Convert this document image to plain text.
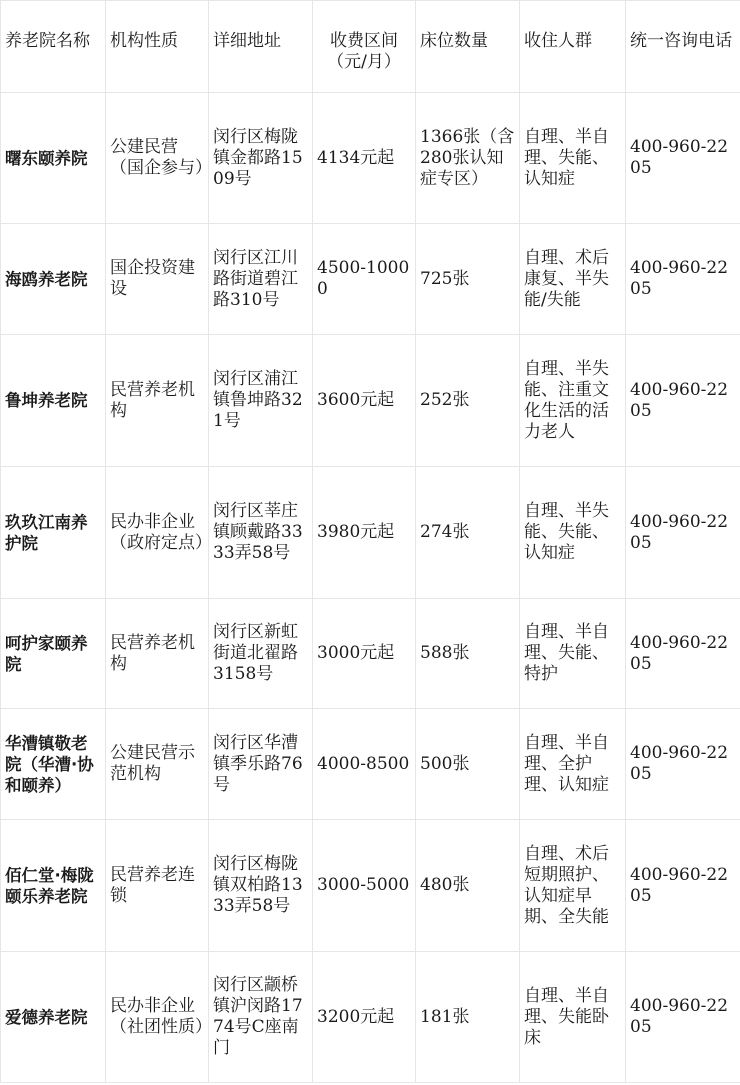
养老院名称	机构性质	详细地址	收费区间（元/月）	床位数量	收住人群	统一咨询电话
曙东颐养院	公建民营（国企参与）	闵行区梅陇镇金都路1509号	4134元起	1366张（含280张认知症专区）	自理、半自理、失能、认知症	400-960-2205
海鸥养老院	国企投资建设	闵行区江川路街道碧江路310号	4500-10000	725张	自理、术后康复、半失能/失能	400-960-2205
鲁坤养老院	民营养老机构	闵行区浦江镇鲁坤路321号	3600元起	252张	自理、半失能、注重文化生活的活力老人	400-960-2205
玖玖江南养护院	民办非企业（政府定点）	闵行区莘庄镇顾戴路3333弄58号	3980元起	274张	自理、半失能、失能、认知症	400-960-2205
呵护家颐养院	民营养老机构	闵行区新虹街道北翟路3158号	3000元起	588张	自理、半自理、失能、特护	400-960-2205
华漕镇敬老院（华漕·协和颐养）	公建民营示范机构	闵行区华漕镇季乐路76号	4000-8500	500张	自理、半自理、全护理、认知症	400-960-2205
佰仁堂·梅陇颐乐养老院	民营养老连锁	闵行区梅陇镇双柏路1333弄58号	3000-5000	480张	自理、术后短期照护、认知症早期、全失能	400-960-2205
爱德养老院	民办非企业（社团性质）	闵行区颛桥镇沪闵路1774号C座南门	3200元起	181张	自理、半自理、失能卧床	400-960-2205
